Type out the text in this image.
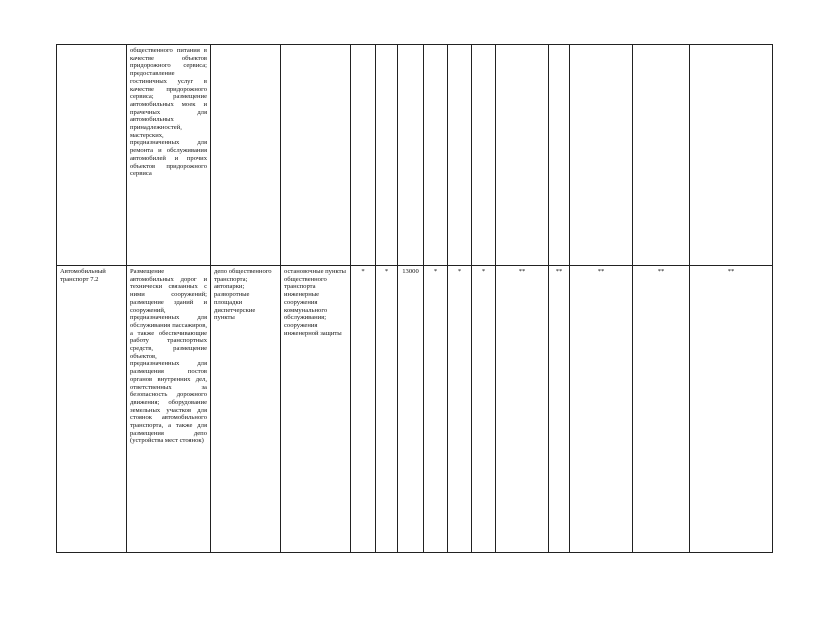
	общественного питания в качестве объектов придорожного сервиса; предоставление гостиничных услуг в качестве придорожного сервиса; размещение автомобильных моек и прачечных для автомобильных принадлежностей, мастерских, предназначенных для ремонта и обслуживания автомобилей и прочих объектов придорожного сервиса													
Автомобильный транспорт 7.2	Размещение автомобильных дорог и технически связанных с ними сооружений; размещение зданий и сооружений, предназначенных для обслуживания пассажиров, а также обеспечивающие работу транспортных средств, размещение объектов, предназначенных для размещения постов органов внутренних дел, ответственных за безопасность дорожного движения; оборудование земельных участков для стоянок автомобильного транспорта, а также для размещения депо (устройства мест стоянок)	депо общественного транспорта; автопарки; разворотные площадки диспетчерские пункты	остановочные пункты общественного транспорта инженерные сооружения коммунального обслуживания; сооружения инженерной защиты	*	*	13000	*	*	*	**	**	**	**	**
